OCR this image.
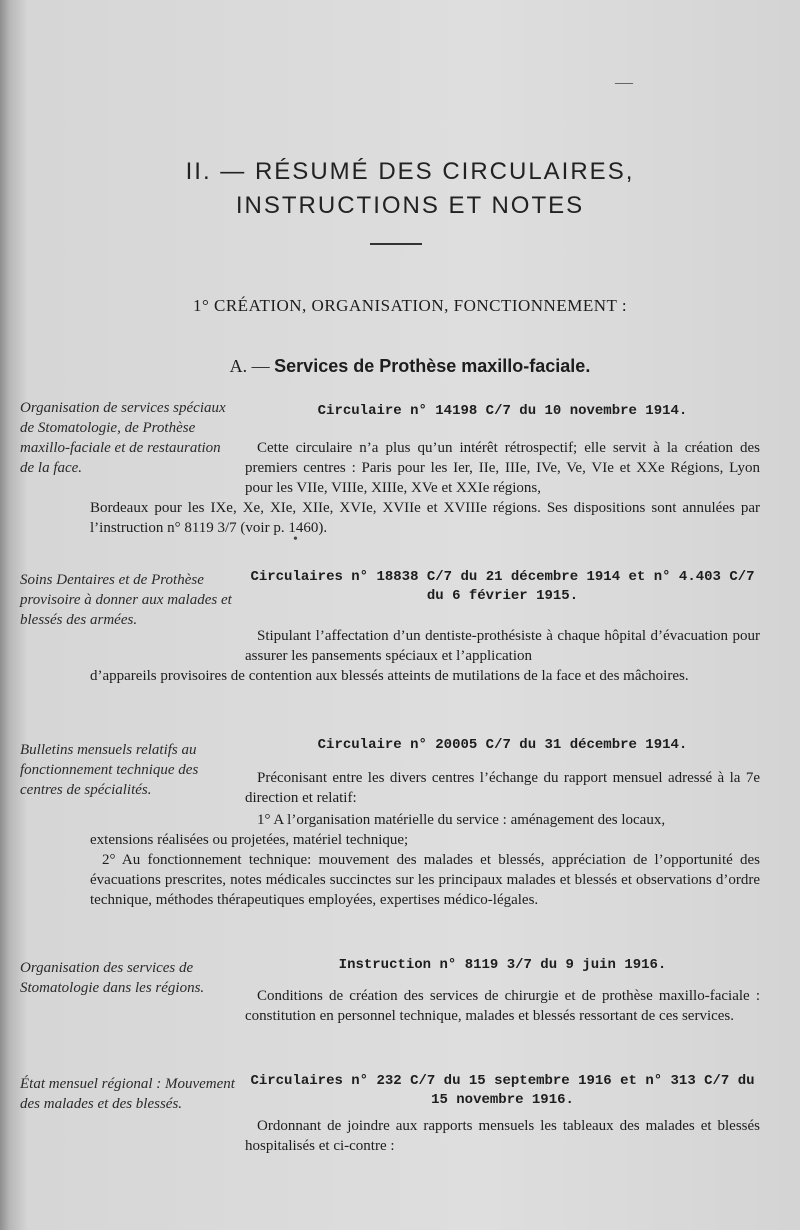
—
II. — RÉSUMÉ DES CIRCULAIRES,
INSTRUCTIONS ET NOTES
1° CRÉATION, ORGANISATION, FONCTIONNEMENT :
A. — Services de Prothèse maxillo-faciale.
Organisation de services spéciaux de Stomatologie, de Prothèse maxillo-faciale et de restauration de la face.
Circulaire n° 14198 C/7 du 10 novembre 1914.
Cette circulaire n’a plus qu’un intérêt rétrospectif; elle servit à la création des premiers centres : Paris pour les Ier, IIe, IIIe, IVe, Ve, VIe et XXe Régions, Lyon pour les VIIe, VIIIe, XIIIe, XVe et XXIe régions,
Bordeaux pour les IXe, Xe, XIe, XIIe, XVIe, XVIIe et XVIIIe régions. Ses dispositions sont annulées par l’instruction n° 8119 3/7 (voir p. 1460).
Soins Dentaires et de Prothèse provisoire à donner aux malades et blessés des armées.
Circulaires n° 18838 C/7 du 21 décembre 1914 et n° 4.403 C/7 du 6 février 1915.
Stipulant l’affectation d’un dentiste-prothésiste à chaque hôpital d’évacuation pour assurer les pansements spéciaux et l’application
d’appareils provisoires de contention aux blessés atteints de mutilations de la face et des mâchoires.
Bulletins mensuels relatifs au fonctionnement technique des centres de spécialités.
Circulaire n° 20005 C/7 du 31 décembre 1914.
Préconisant entre les divers centres l’échange du rapport mensuel adressé à la 7e direction et relatif:
1° A l’organisation matérielle du service : aménagement des locaux,
extensions réalisées ou projetées, matériel technique;
2° Au fonctionnement technique: mouvement des malades et blessés, appréciation de l’opportunité des évacuations prescrites, notes médicales succinctes sur les principaux malades et blessés et observations d’ordre technique, méthodes thérapeutiques employées, expertises médico-légales.
Organisation des services de Stomatologie dans les régions.
Instruction n° 8119 3/7 du 9 juin 1916.
Conditions de création des services de chirurgie et de prothèse maxillo-faciale : constitution en personnel technique, malades et blessés ressortant de ces services.
État mensuel régional : Mouvement des malades et des blessés.
Circulaires n° 232 C/7 du 15 septembre 1916 et n° 313 C/7 du 15 novembre 1916.
Ordonnant de joindre aux rapports mensuels les tableaux des malades et blessés hospitalisés et ci-contre :
•
